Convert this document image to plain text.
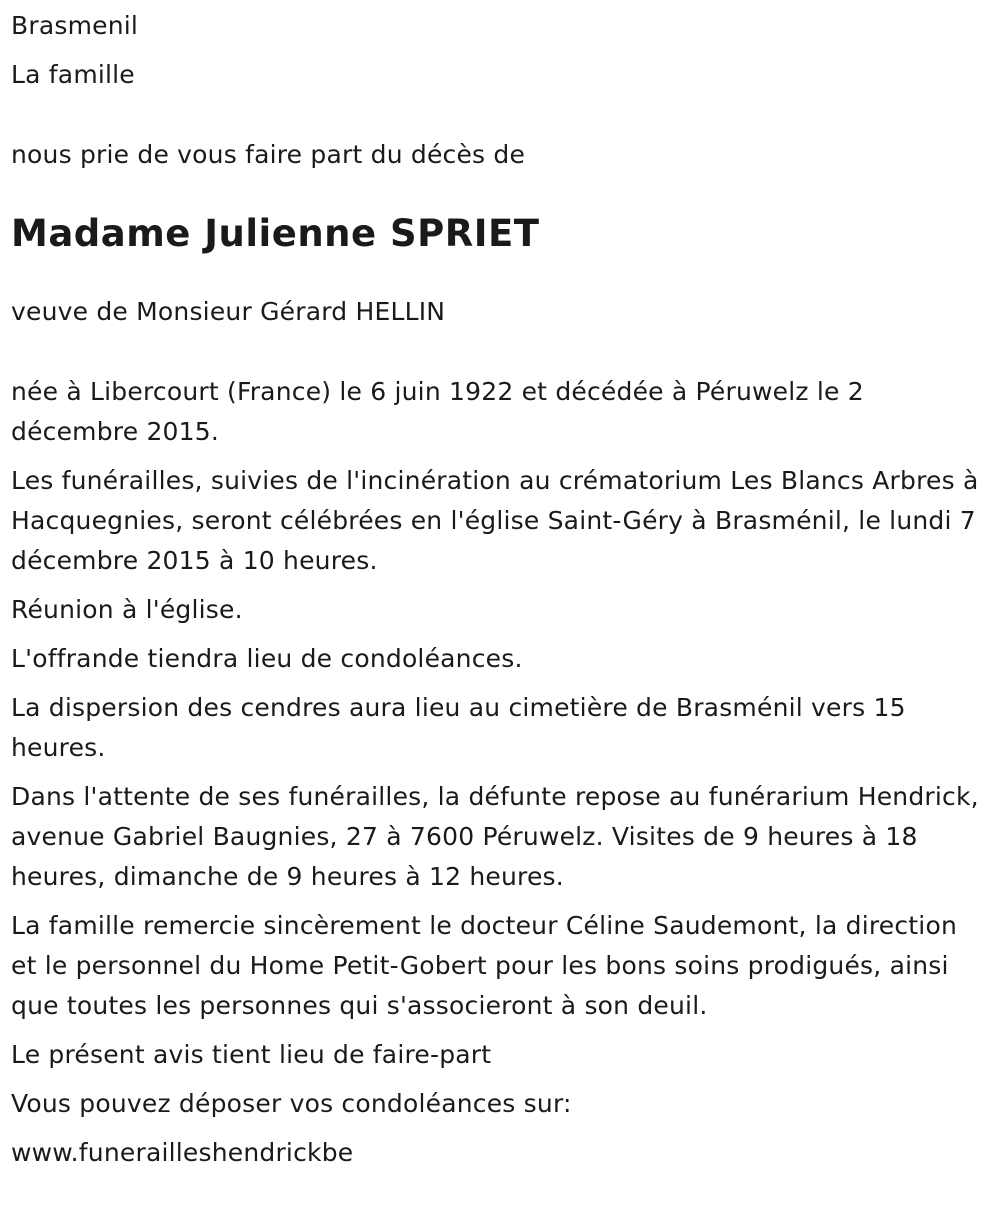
Brasmenil

La famille

nous prie de vous faire part du décès de

Madame Julienne SPRIET

veuve de Monsieur Gérard HELLIN

née à Libercourt (France) le 6 juin 1922 et décédée à Péruwelz le 2 décembre 2015.

Les funérailles, suivies de l'incinération au crématorium Les Blancs Arbres à Hacquegnies, seront célébrées en l'église Saint-Géry à Brasménil, le lundi 7 décembre 2015 à 10 heures.

Réunion à l'église.

L'offrande tiendra lieu de condoléances.

La dispersion des cendres aura lieu au cimetière de Brasménil vers 15 heures.

Dans l'attente de ses funérailles, la défunte repose au funérarium Hendrick, avenue Gabriel Baugnies, 27 à 7600 Péruwelz. Visites de 9 heures à 18 heures, dimanche de 9 heures à 12 heures.

La famille remercie sincèrement le docteur Céline Saudemont, la direction et le personnel du Home Petit-Gobert pour les bons soins prodigués, ainsi que toutes les personnes qui s'associeront à son deuil.

Le présent avis tient lieu de faire-part

Vous pouvez déposer vos condoléances sur:

www.funerailleshendrickbe
